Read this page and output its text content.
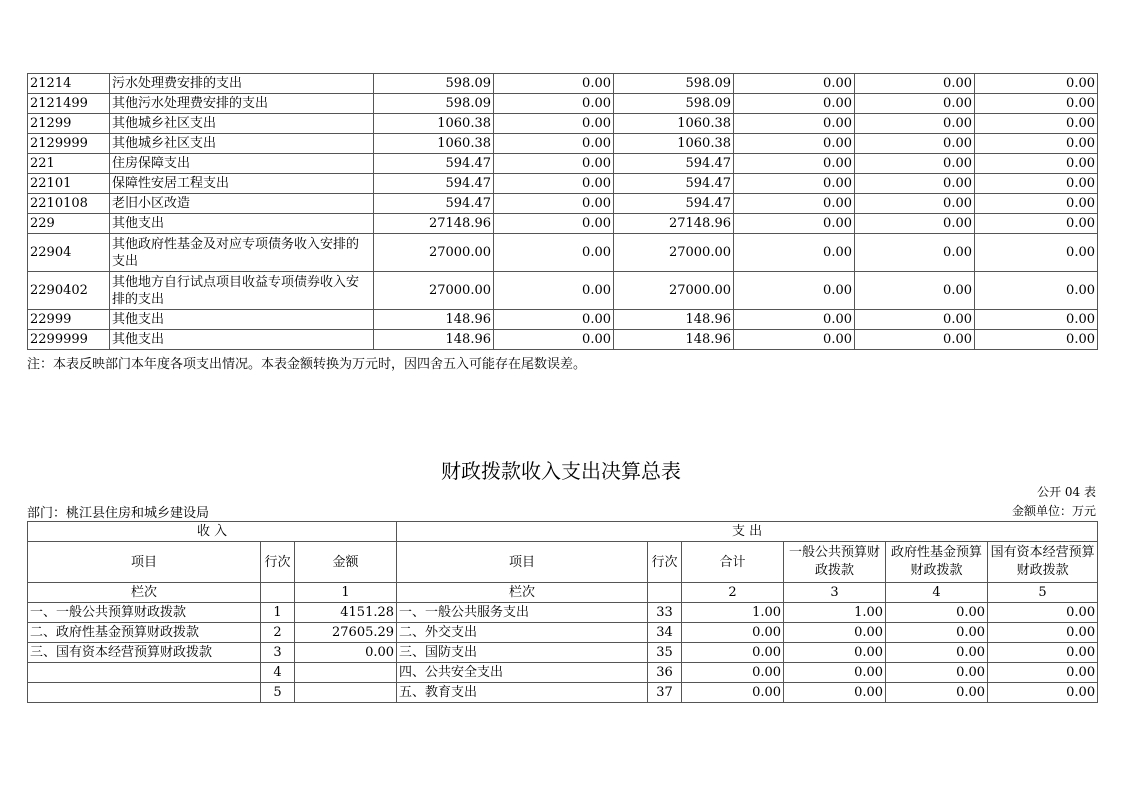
21214	污水处理费安排的支出	598.09	0.00	598.09	0.00	0.00	0.00
2121499	其他污水处理费安排的支出	598.09	0.00	598.09	0.00	0.00	0.00
21299	其他城乡社区支出	1060.38	0.00	1060.38	0.00	0.00	0.00
2129999	其他城乡社区支出	1060.38	0.00	1060.38	0.00	0.00	0.00
221	住房保障支出	594.47	0.00	594.47	0.00	0.00	0.00
22101	保障性安居工程支出	594.47	0.00	594.47	0.00	0.00	0.00
2210108	老旧小区改造	594.47	0.00	594.47	0.00	0.00	0.00
229	其他支出	27148.96	0.00	27148.96	0.00	0.00	0.00
22904	其他政府性基金及对应专项债务收入安排的支出	27000.00	0.00	27000.00	0.00	0.00	0.00
2290402	其他地方自行试点项目收益专项债券收入安排的支出	27000.00	0.00	27000.00	0.00	0.00	0.00
22999	其他支出	148.96	0.00	148.96	0.00	0.00	0.00
2299999	其他支出	148.96	0.00	148.96	0.00	0.00	0.00
注：本表反映部门本年度各项支出情况。本表金额转换为万元时，因四舍五入可能存在尾数误差。
财政拨款收入支出决算总表
公开 04 表
部门：桃江县住房和城乡建设局	金额单位：万元
收 入			支 出					
项目	行次	金额	项目	行次	合计	一般公共预算财政拨款	政府性基金预算财政拨款	国有资本经营预算财政拨款
栏次		1	栏次		2	3	4	5
一、一般公共预算财政拨款	1	4151.28	一、一般公共服务支出	33	1.00	1.00	0.00	0.00
二、政府性基金预算财政拨款	2	27605.29	二、外交支出	34	0.00	0.00	0.00	0.00
三、国有资本经营预算财政拨款	3	0.00	三、国防支出	35	0.00	0.00	0.00	0.00
	4		四、公共安全支出	36	0.00	0.00	0.00	0.00
	5		五、教育支出	37	0.00	0.00	0.00	0.00
